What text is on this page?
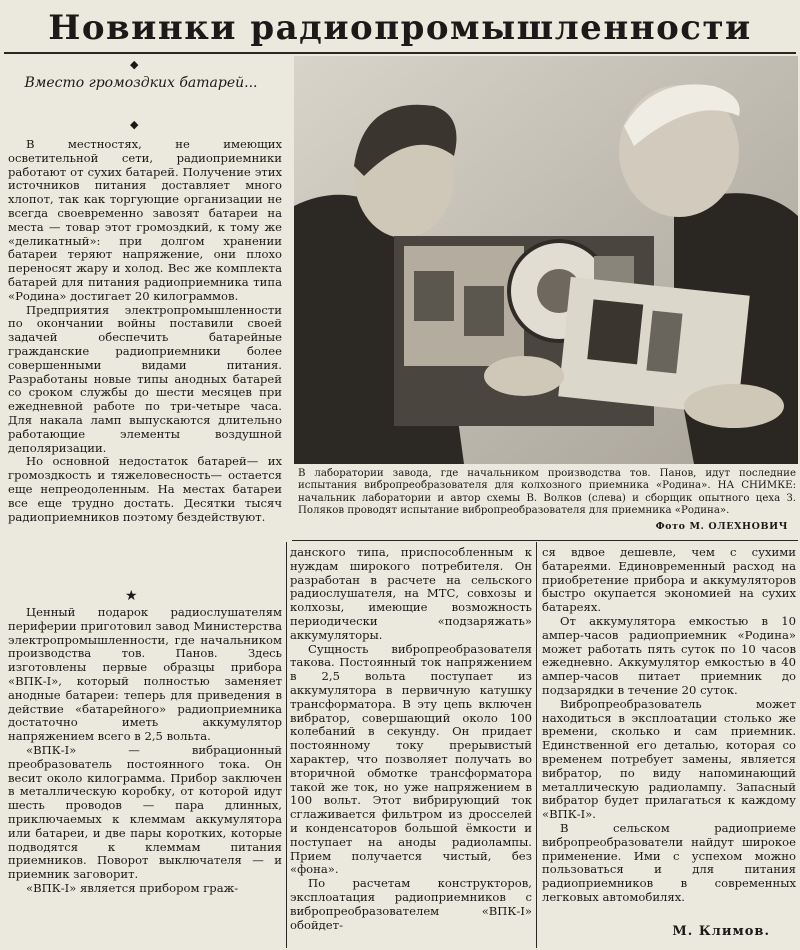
Новинки радиопромышленности
◆
Вместо громоздких батарей...
◆

В местностях, не имеющих осветительной сети, радиоприемники работают от сухих батарей. Получение этих источников питания доставляет много хлопот, так как торгующие организации не всегда своевременно завозят батареи на места — товар этот громоздкий, к тому же «деликатный»: при долгом хранении батареи теряют напряжение, они плохо переносят жару и холод. Вес же комплекта батарей для питания радиоприемника типа «Родина» достигает 20 килограммов.

Предприятия электропромышленности по окончании войны поставили своей задачей обеспечить батарейные гражданские радиоприемники более совершенными видами питания. Разработаны новые типы анодных батарей со сроком службы до шести месяцев при ежедневной работе по три-четыре часа. Для накала ламп выпускаются длительно работающие элементы воздушной деполяризации.

Но основной недостаток батарей— их громоздкость и тяжеловесность— остается еще непреодоленным. На местах батареи все еще трудно достать. Десятки тысяч радиоприемников поэтому бездействуют.

★

Ценный подарок радиослушателям периферии приготовил завод Министерства электропромышленности, где начальником производства тов. Панов. Здесь изготовлены первые образцы прибора «ВПК-I», который полностью заменяет анодные батареи: теперь для приведения в действие «батарейного» радиоприемника достаточно иметь аккумулятор напряжением всего в 2,5 вольта.

«ВПК-I» — вибрационный преобразователь постоянного тока. Он весит около килограмма. Прибор заключен в металлическую коробку, от которой идут шесть проводов — пара длинных, приключаемых к клеммам аккумулятора или батареи, и две пары коротких, которые подводятся к клеммам питания приемников. Поворот выключателя — и приемник заговорит.

«ВПК-I» является прибором граж-

В лаборатории завода, где начальником производства тов. Панов, идут последние испытания вибропреобразователя для колхозного приемника «Родина». НА СНИМКЕ: начальник лаборатории и автор схемы В. Волков (слева) и сборщик опытного цеха З. Поляков проводят испытание вибропреобразователя для приемника «Родина».
Фото М. ОЛЕХНОВИЧ

данского типа, приспособленным к нуждам широкого потребителя. Он разработан в расчете на сельского радиослушателя, на МТС, совхозы и колхозы, имеющие возможность периодически «подзаряжать» аккумуляторы.

Сущность вибропреобразователя такова. Постоянный ток напряжением в 2,5 вольта поступает из аккумулятора в первичную катушку трансформатора. В эту цепь включен вибратор, совершающий около 100 колебаний в секунду. Он придает постоянному току прерывистый характер, что позволяет получать во вторичной обмотке трансформатора такой же ток, но уже напряжением в 100 вольт. Этот вибрирующий ток сглаживается фильтром из дросселей и конденсаторов большой ёмкости и поступает на аноды радиолампы. Прием получается чистый, без «фона».

По расчетам конструкторов, эксплоатация радиоприемников с вибропреобразователем «ВПК-I» обойдет-

ся вдвое дешевле, чем с сухими батареями. Единовременный расход на приобретение прибора и аккумуляторов быстро окупается экономией на сухих батареях.

От аккумулятора емкостью в 10 ампер-часов радиоприемник «Родина» может работать пять суток по 10 часов ежедневно. Аккумулятор емкостью в 40 ампер-часов питает приемник до подзарядки в течение 20 суток.

Вибропреобразователь может находиться в эксплоатации столько же времени, сколько и сам приемник. Единственной его деталью, которая со временем потребует замены, является вибратор, по виду напоминающий металлическую радиолампу. Запасный вибратор будет прилагаться к каждому «ВПК-I».

В сельском радиоприеме вибропреобразователи найдут широкое применение. Ими с успехом можно пользоваться и для питания радиоприемников в современных легковых автомобилях.

М. Климов.
